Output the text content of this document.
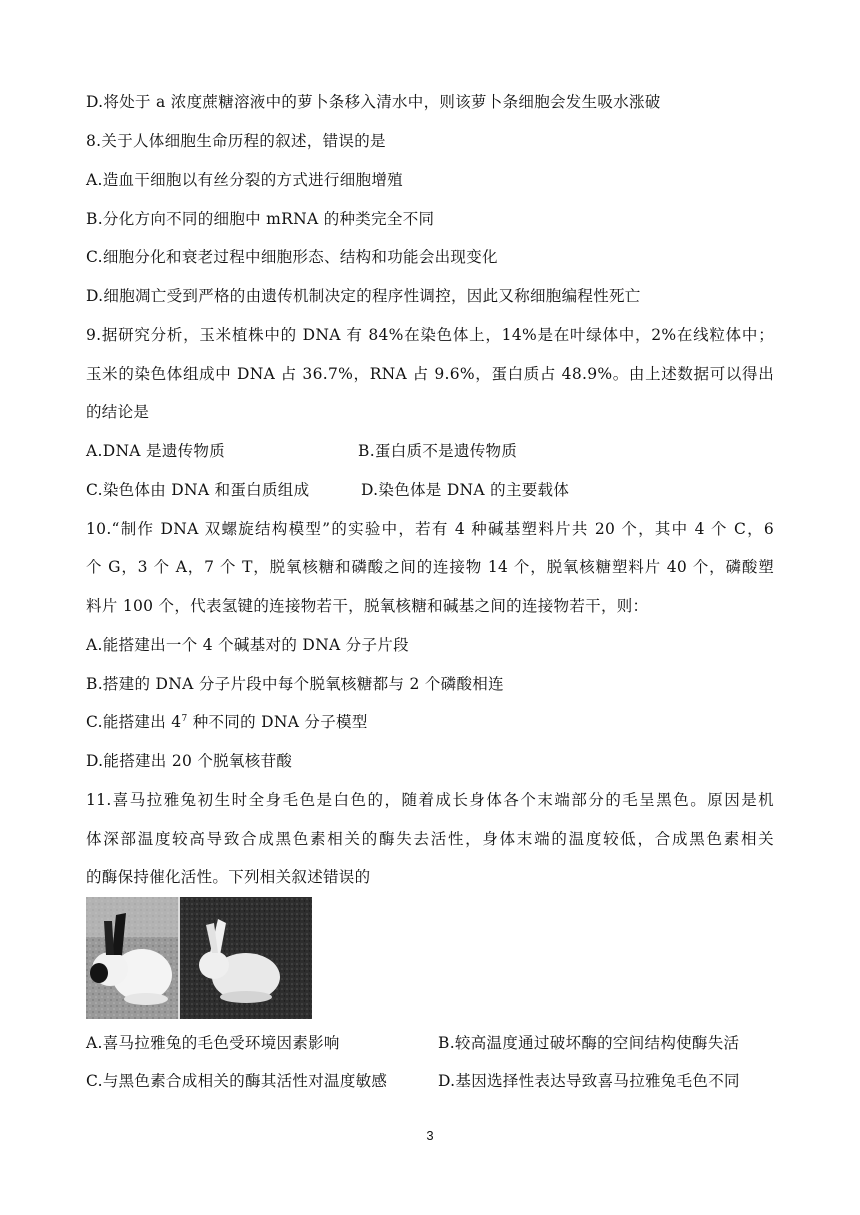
D.将处于 a 浓度蔗糖溶液中的萝卜条移入清水中，则该萝卜条细胞会发生吸水涨破
8.关于人体细胞生命历程的叙述，错误的是
A.造血干细胞以有丝分裂的方式进行细胞增殖
B.分化方向不同的细胞中 mRNA 的种类完全不同
C.细胞分化和衰老过程中细胞形态、结构和功能会出现变化
D.细胞凋亡受到严格的由遗传机制决定的程序性调控，因此又称细胞编程性死亡
9.据研究分析，玉米植株中的 DNA 有 84%在染色体上，14%是在叶绿体中，2%在线粒体中；
玉米的染色体组成中 DNA 占 36.7%，RNA 占 9.6%，蛋白质占 48.9%。由上述数据可以得出
的结论是
A.DNA 是遗传物质	B.蛋白质不是遗传物质
C.染色体由 DNA 和蛋白质组成	D.染色体是 DNA 的主要载体
10.“制作 DNA 双螺旋结构模型”的实验中，若有 4 种碱基塑料片共 20 个，其中 4 个 C，6
个 G，3 个 A，7 个 T，脱氧核糖和磷酸之间的连接物 14 个，脱氧核糖塑料片 40 个，磷酸塑
料片 100 个，代表氢键的连接物若干，脱氧核糖和碱基之间的连接物若干，则：
A.能搭建出一个 4 个碱基对的 DNA 分子片段
B.搭建的 DNA 分子片段中每个脱氧核糖都与 2 个磷酸相连
C.能搭建出 $4^7$ 种不同的 DNA 分子模型
D.能搭建出 20 个脱氧核苷酸
11.喜马拉雅兔初生时全身毛色是白色的，随着成长身体各个末端部分的毛呈黑色。原因是机
体深部温度较高导致合成黑色素相关的酶失去活性，身体末端的温度较低，合成黑色素相关
的酶保持催化活性。下列相关叙述错误的
A.喜马拉雅兔的毛色受环境因素影响	B.较高温度通过破坏酶的空间结构使酶失活
C.与黑色素合成相关的酶其活性对温度敏感	D.基因选择性表达导致喜马拉雅兔毛色不同
3
